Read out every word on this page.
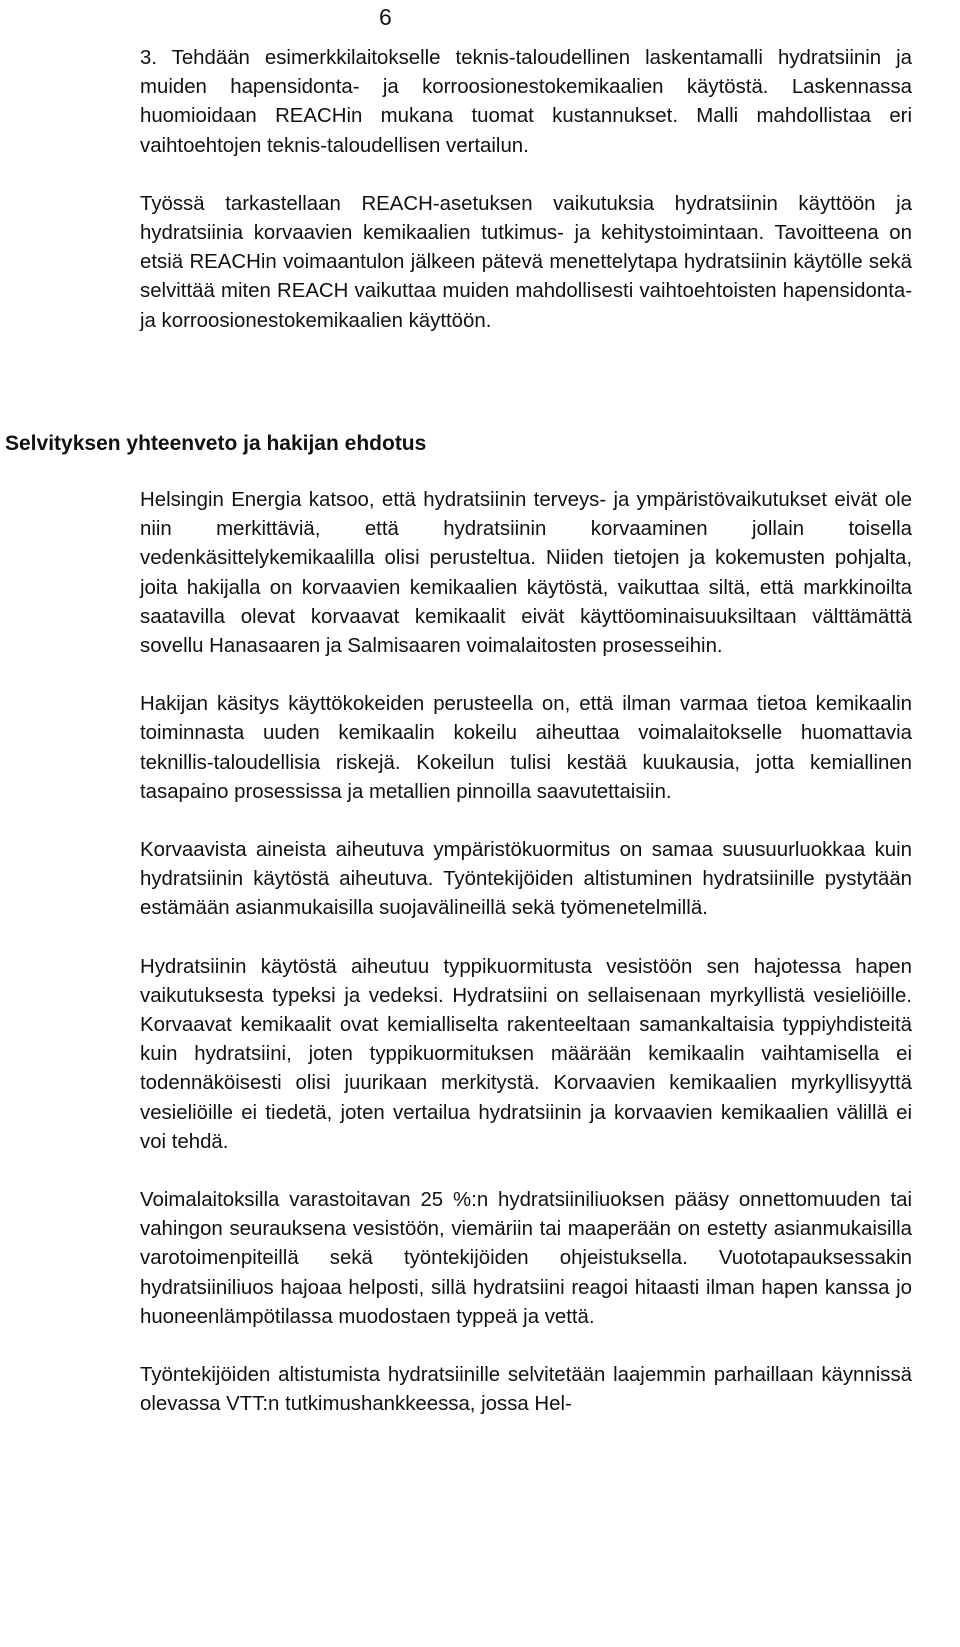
6

3. Tehdään esimerkkilaitokselle teknis-taloudellinen laskentamalli hydratsiinin ja muiden hapensidonta- ja korroosionestokemikaalien käytöstä. Laskennassa huomioidaan REACHin mukana tuomat kustannukset. Malli mahdollistaa eri vaihtoehtojen teknis-taloudellisen vertailun.

Työssä tarkastellaan REACH-asetuksen vaikutuksia hydratsiinin käyttöön ja hydratsiinia korvaavien kemikaalien tutkimus- ja kehitystoimintaan. Tavoitteena on etsiä REACHin voimaantulon jälkeen pätevä menettelytapa hydratsiinin käytölle sekä selvittää miten REACH vaikuttaa muiden mahdollisesti vaihtoehtoisten hapensidonta- ja korroosionestokemikaalien käyttöön.

Selvityksen yhteenveto ja hakijan ehdotus

Helsingin Energia katsoo, että hydratsiinin terveys- ja ympäristövaikutukset eivät ole niin merkittäviä, että hydratsiinin korvaaminen jollain toisella vedenkäsittelykemikaalilla olisi perusteltua. Niiden tietojen ja kokemusten pohjalta, joita hakijalla on korvaavien kemikaalien käytöstä, vaikuttaa siltä, että markkinoilta saatavilla olevat korvaavat kemikaalit eivät käyttöominaisuuksiltaan välttämättä sovellu Hanasaaren ja Salmisaaren voimalaitosten prosesseihin.

Hakijan käsitys käyttökokeiden perusteella on, että ilman varmaa tietoa kemikaalin toiminnasta uuden kemikaalin kokeilu aiheuttaa voimalaitokselle huomattavia teknillis-taloudellisia riskejä. Kokeilun tulisi kestää kuukausia, jotta kemiallinen tasapaino prosessissa ja metallien pinnoilla saavutettaisiin.

Korvaavista aineista aiheutuva ympäristökuormitus on samaa suusuurluokkaa kuin hydratsiinin käytöstä aiheutuva. Työntekijöiden altistuminen hydratsiinille pystytään estämään asianmukaisilla suojavälineillä sekä työmenetelmillä.

Hydratsiinin käytöstä aiheutuu typpikuormitusta vesistöön sen hajotessa hapen vaikutuksesta typeksi ja vedeksi. Hydratsiini on sellaisenaan myrkyllistä vesieliöille. Korvaavat kemikaalit ovat kemialliselta rakenteeltaan samankaltaisia typpiyhdisteitä kuin hydratsiini, joten typpikuormituksen määrään kemikaalin vaihtamisella ei todennäköisesti olisi juurikaan merkitystä. Korvaavien kemikaalien myrkyllisyyttä vesieliöille ei tiedetä, joten vertailua hydratsiinin ja korvaavien kemikaalien välillä ei voi tehdä.

Voimalaitoksilla varastoitavan 25 %:n hydratsiiniliuoksen pääsy onnettomuuden tai vahingon seurauksena vesistöön, viemäriin tai maaperään on estetty asianmukaisilla varotoimenpiteillä sekä työntekijöiden ohjeistuksella. Vuototapauksessakin hydratsiiniliuos hajoaa helposti, sillä hydratsiini reagoi hitaasti ilman hapen kanssa jo huoneenlämpötilassa muodostaen typpeä ja vettä.

Työntekijöiden altistumista hydratsiinille selvitetään laajemmin parhaillaan käynnissä olevassa VTT:n tutkimushankkeessa, jossa Hel-
